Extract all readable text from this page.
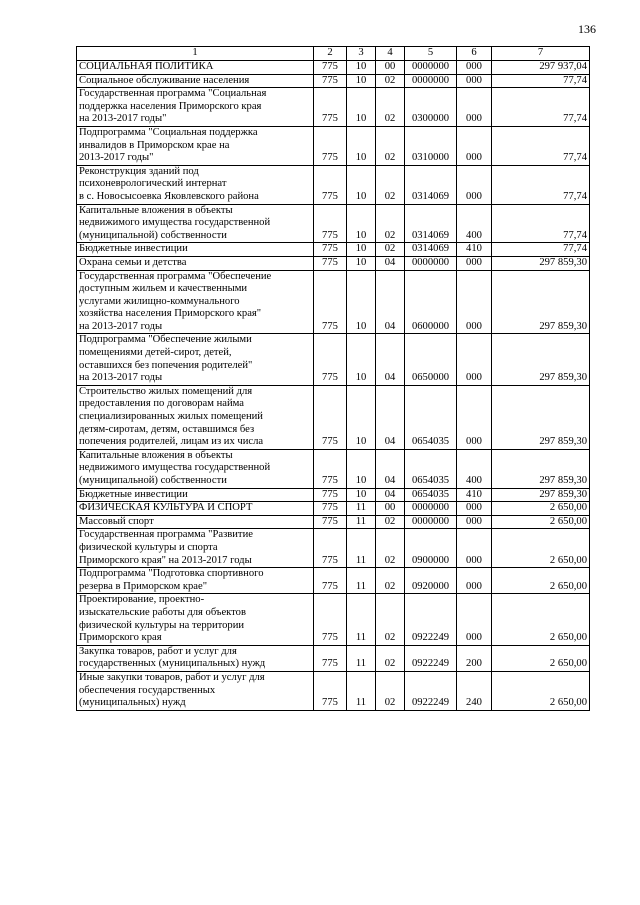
136
1	2	3	4	5	6	7
СОЦИАЛЬНАЯ ПОЛИТИКА	775	10	00	0000000	000	297 937,04
Социальное обслуживание населения	775	10	02	0000000	000	77,74
Государственная программа "Социальная
поддержка населения Приморского края
на 2013-2017 годы"	775	10	02	0300000	000	77,74
Подпрограмма "Социальная поддержка
инвалидов в Приморском крае на
2013-2017 годы"	775	10	02	0310000	000	77,74
Реконструкция зданий под
психоневрологический интернат
в с. Новосысоевка Яковлевского района	775	10	02	0314069	000	77,74
Капитальные вложения в объекты
недвижимого имущества государственной
(муниципальной) собственности	775	10	02	0314069	400	77,74
Бюджетные инвестиции	775	10	02	0314069	410	77,74
Охрана семьи и детства	775	10	04	0000000	000	297 859,30
Государственная программа "Обеспечение
доступным жильем и качественными
услугами жилищно-коммунального
хозяйства населения Приморского края"
на 2013-2017 годы	775	10	04	0600000	000	297 859,30
Подпрограмма "Обеспечение жилыми
помещениями детей-сирот, детей,
оставшихся без попечения родителей"
на 2013-2017 годы	775	10	04	0650000	000	297 859,30
Строительство жилых помещений для
предоставления по договорам найма
специализированных жилых помещений
детям-сиротам, детям, оставшимся без
попечения родителей, лицам из их числа	775	10	04	0654035	000	297 859,30
Капитальные вложения в объекты
недвижимого имущества государственной
(муниципальной) собственности	775	10	04	0654035	400	297 859,30
Бюджетные инвестиции	775	10	04	0654035	410	297 859,30
ФИЗИЧЕСКАЯ КУЛЬТУРА И СПОРТ	775	11	00	0000000	000	2 650,00
Массовый спорт	775	11	02	0000000	000	2 650,00
Государственная программа "Развитие
физической культуры и спорта
Приморского края" на 2013-2017 годы	775	11	02	0900000	000	2 650,00
Подпрограмма "Подготовка спортивного
резерва в Приморском крае"	775	11	02	0920000	000	2 650,00
Проектирование, проектно-
изыскательские работы для объектов
физической культуры на территории
Приморского края	775	11	02	0922249	000	2 650,00
Закупка товаров, работ и услуг для
государственных (муниципальных) нужд	775	11	02	0922249	200	2 650,00
Иные закупки товаров, работ и услуг для
обеспечения государственных
(муниципальных) нужд	775	11	02	0922249	240	2 650,00
